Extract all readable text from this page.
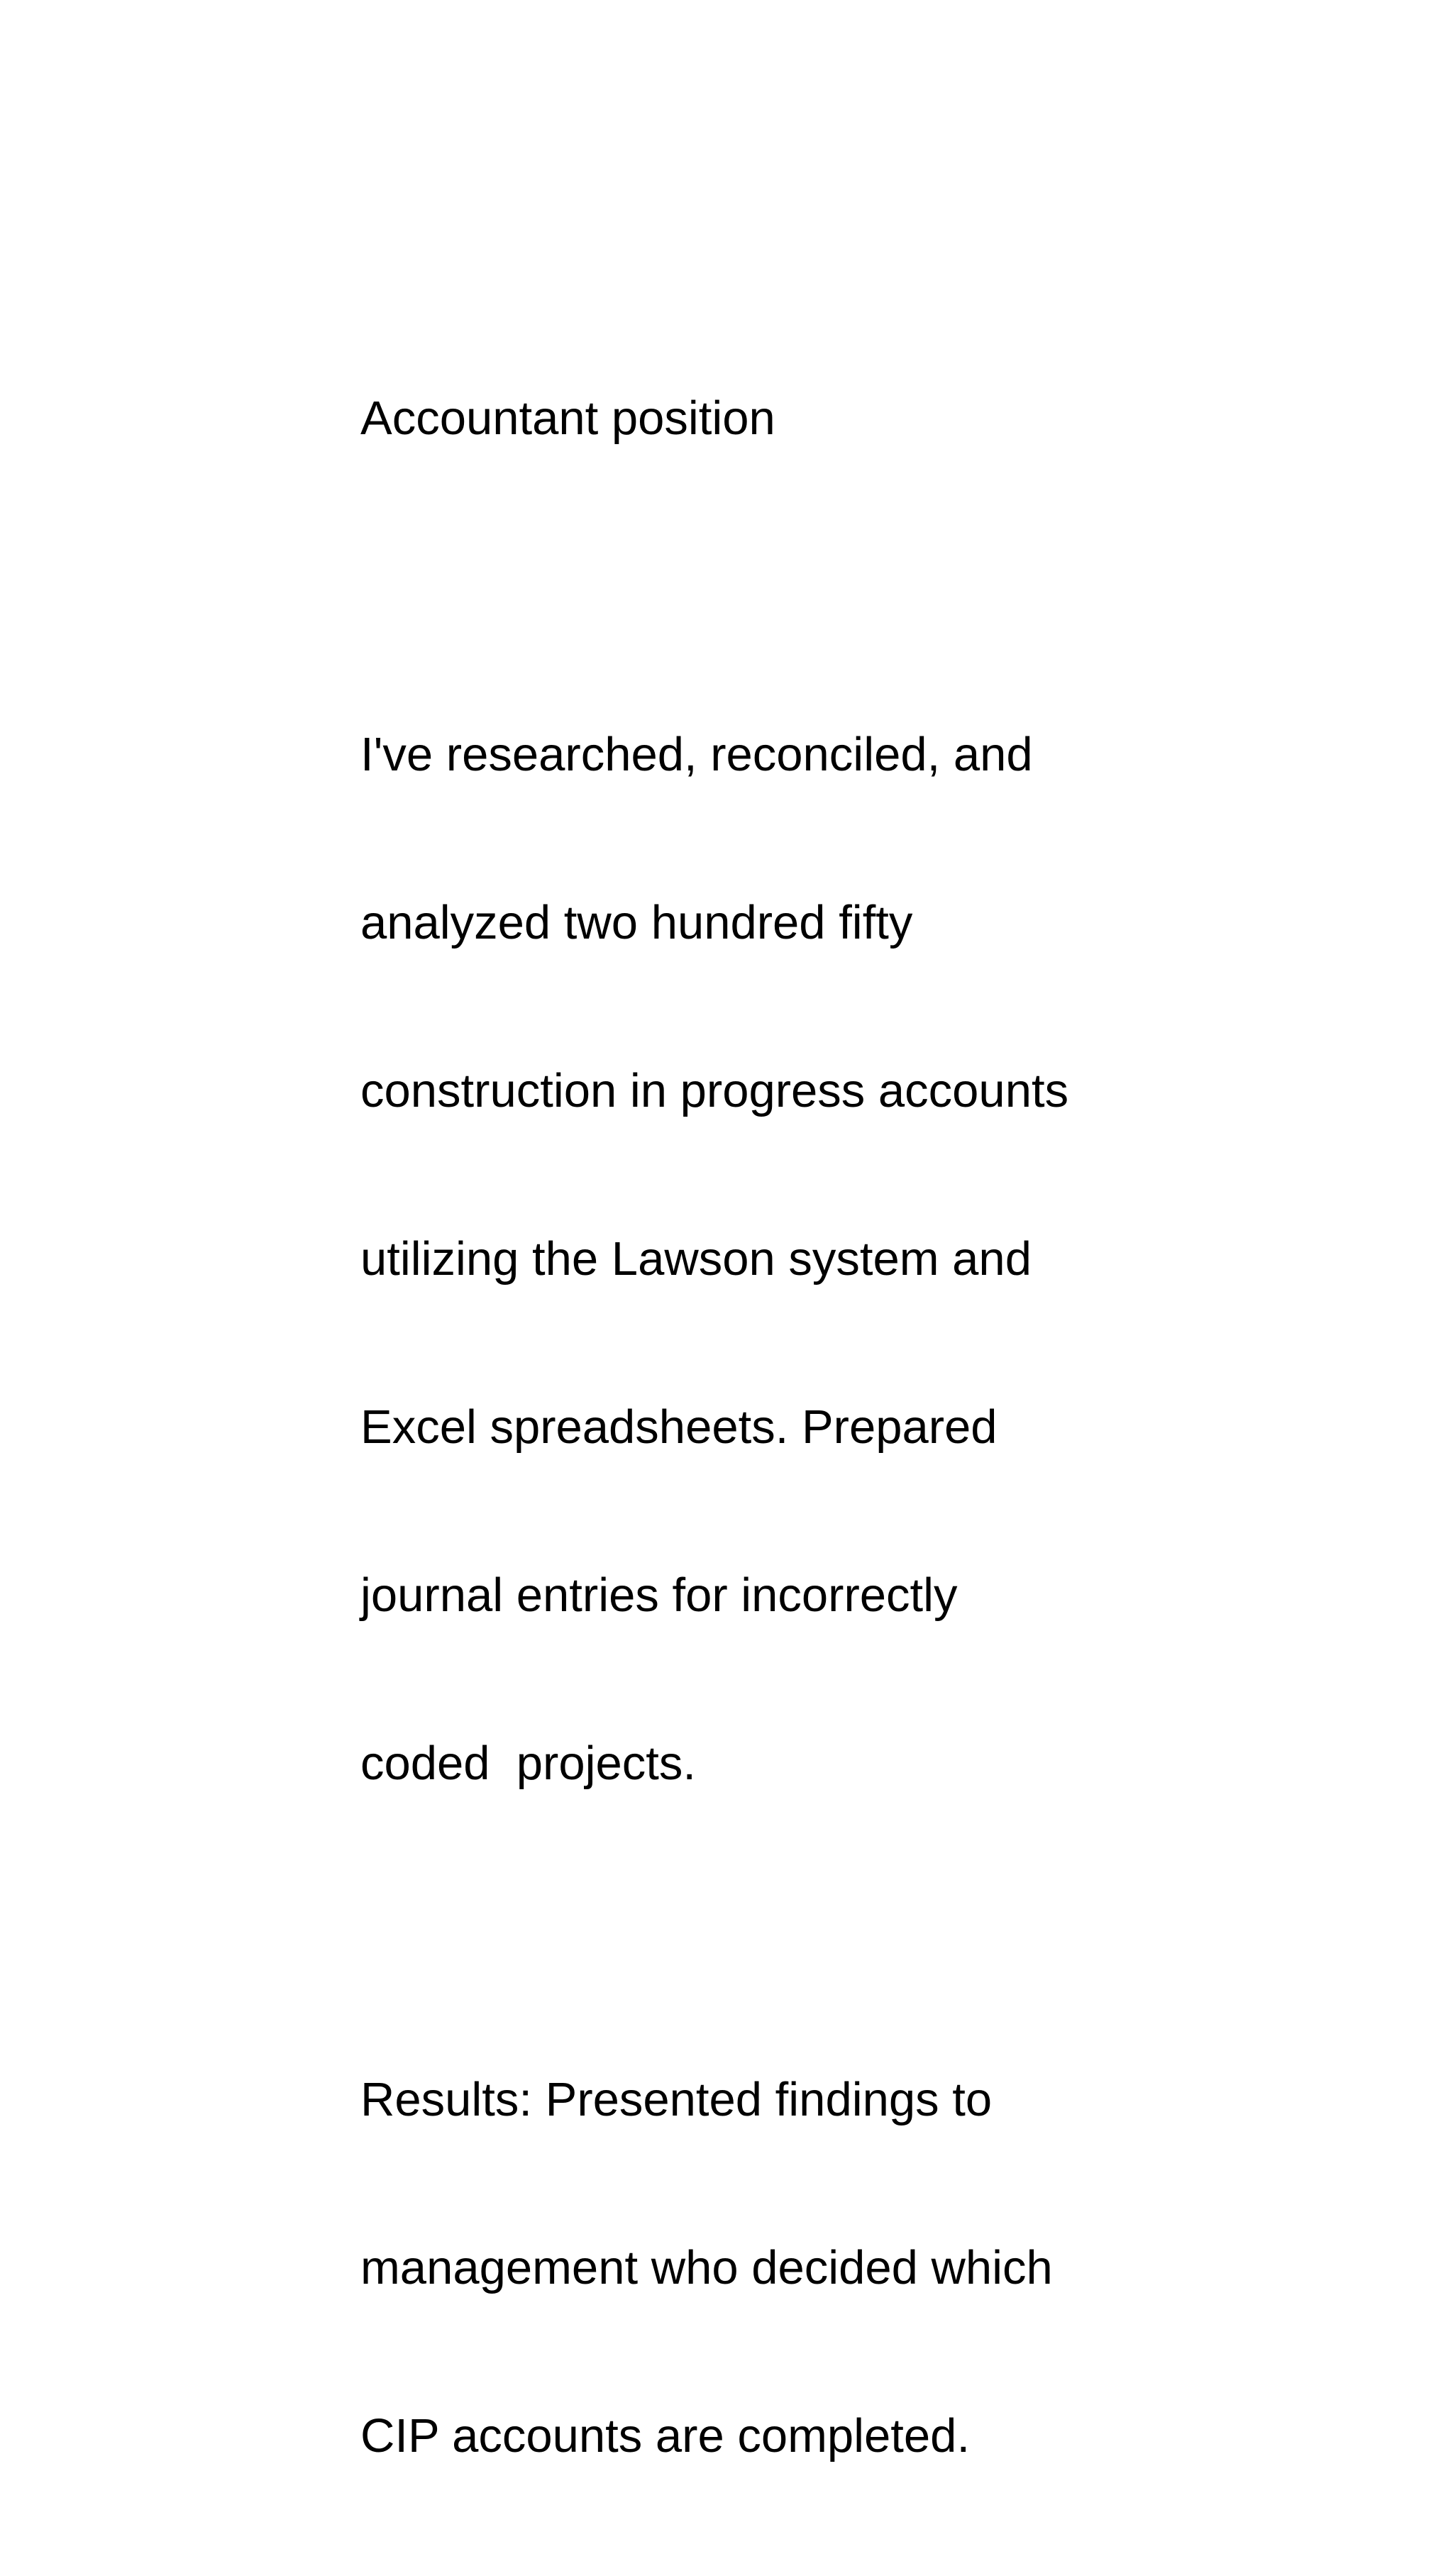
Accountant position

I've researched, reconciled, and

analyzed two hundred fifty

construction in progress accounts

utilizing the Lawson system and

Excel spreadsheets. Prepared

journal entries for incorrectly

coded  projects.

Results: Presented findings to

management who decided which

CIP accounts are completed.
